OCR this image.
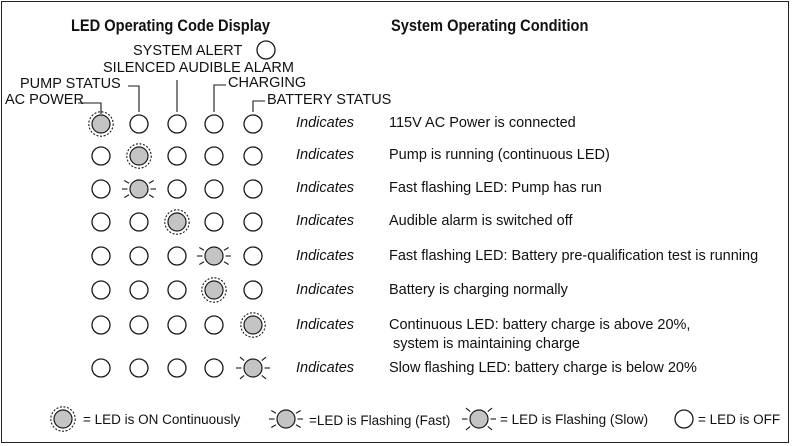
LED Operating Code Display	System Operating Condition
SYSTEM ALERT
SILENCED AUDIBLE ALARM
PUMP STATUS	CHARGING
AC POWER	BATTERY STATUS
Indicates 115V AC Power is connected
Indicates Pump is running (continuous LED)
Indicates Fast flashing LED: Pump has run
Indicates Audible alarm is switched off
Indicates Fast flashing LED: Battery pre-qualification test is running
Indicates Battery is charging normally
Indicates Continuous LED: battery charge is above 20%,
system is maintaining charge
Indicates Slow flashing LED: battery charge is below 20%
= LED is ON Continuously	=LED is Flashing (Fast)	= LED is Flashing (Slow)	= LED is OFF
